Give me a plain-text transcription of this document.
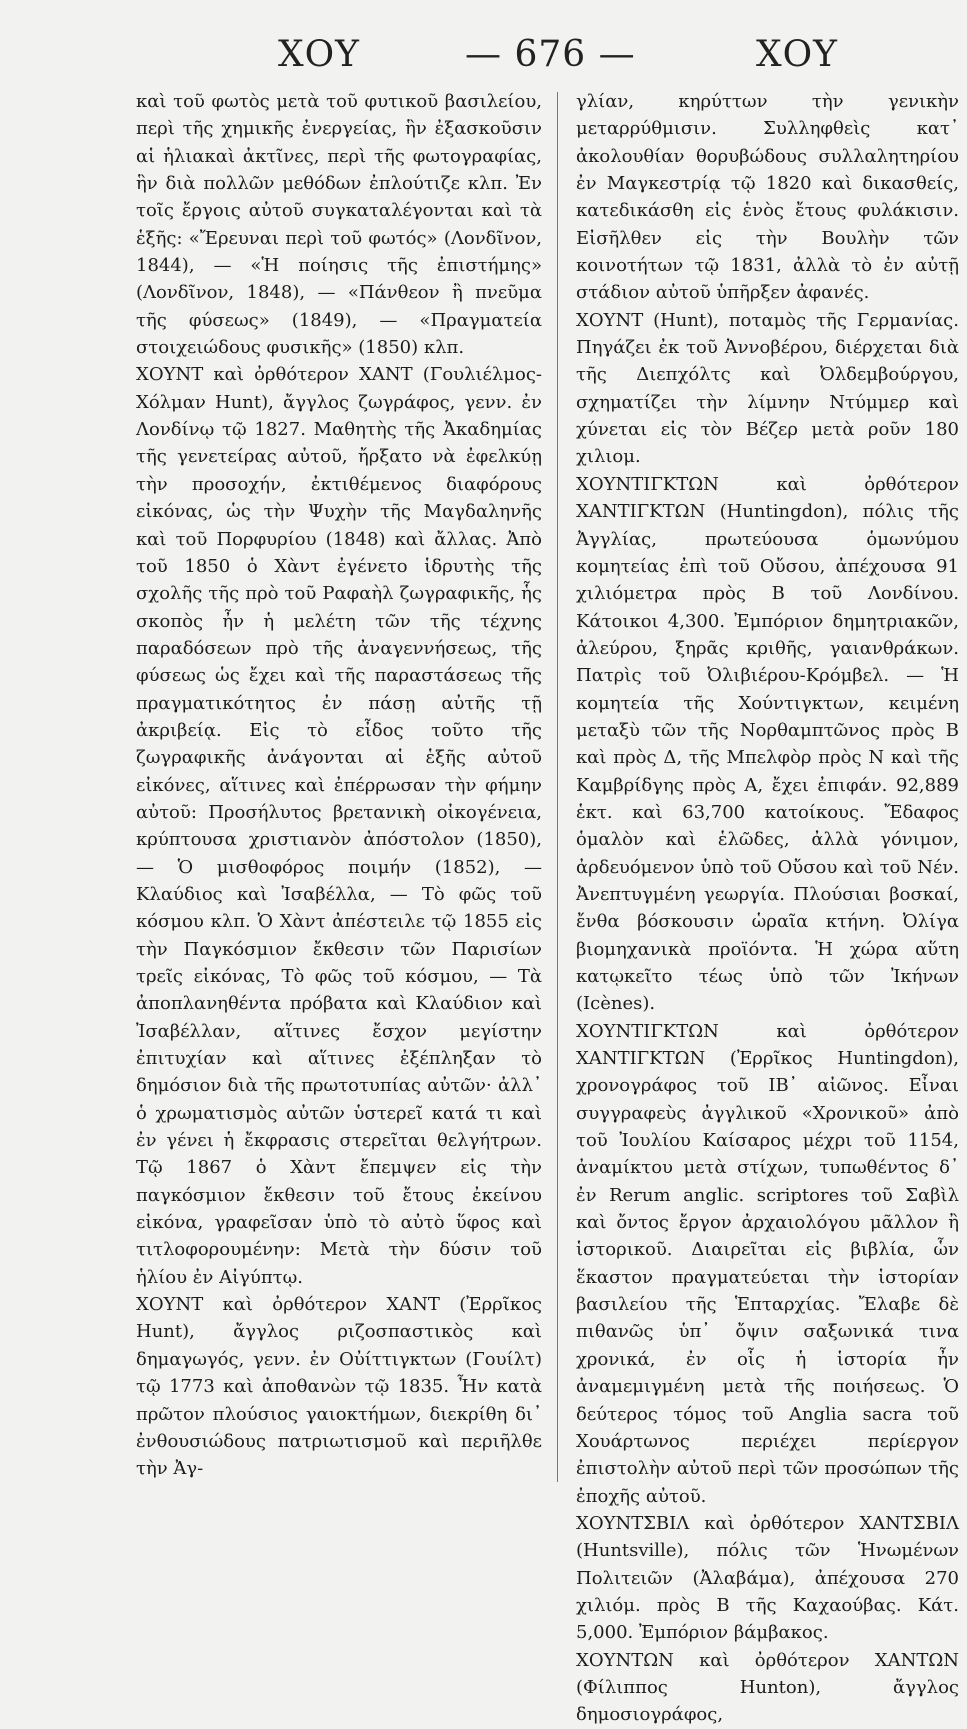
ΧΟΥ	— 676 —	ΧΟΥ

καὶ τοῦ φωτὸς μετὰ τοῦ φυτικοῦ βασιλείου, περὶ τῆς χημικῆς ἐνεργείας, ἣν ἐξασκοῦσιν αἱ ἡλιακαὶ ἀκτῖνες, περὶ τῆς φωτογραφίας, ἣν διὰ πολλῶν μεθόδων ἐπλούτιζε κλπ. Ἐν τοῖς ἔργοις αὐτοῦ συγκαταλέγονται καὶ τὰ ἑξῆς: «Ἔρευναι περὶ τοῦ φωτός» (Λονδῖνον, 1844), — «Ἡ ποίησις τῆς ἐπιστήμης» (Λονδῖνον, 1848), — «Πάνθεον ἢ πνεῦμα τῆς φύσεως» (1849), — «Πραγματεία στοιχειώδους φυσικῆς» (1850) κλπ.

ΧΟΥΝΤ καὶ ὀρθότερον ΧΑΝΤ (Γουλιέλμος-Χόλμαν Hunt), ἄγγλος ζωγράφος, γενν. ἐν Λονδίνῳ τῷ 1827. Μαθητὴς τῆς Ἀκαδημίας τῆς γενετείρας αὐτοῦ, ἤρξατο νὰ ἐφελκύῃ τὴν προσοχήν, ἐκτιθέμενος διαφόρους εἰκόνας, ὡς τὴν Ψυχὴν τῆς Μαγδαληνῆς καὶ τοῦ Πορφυρίου (1848) καὶ ἄλλας. Ἀπὸ τοῦ 1850 ὁ Χὰντ ἐγένετο ἱδρυτὴς τῆς σχολῆς τῆς πρὸ τοῦ Ραφαὴλ ζωγραφικῆς, ἧς σκοπὸς ἦν ἡ μελέτη τῶν τῆς τέχνης παραδόσεων πρὸ τῆς ἀναγεννήσεως, τῆς φύσεως ὡς ἔχει καὶ τῆς παραστάσεως τῆς πραγματικότητος ἐν πάσῃ αὐτῆς τῇ ἀκριβείᾳ. Εἰς τὸ εἶδος τοῦτο τῆς ζωγραφικῆς ἀνάγονται αἱ ἑξῆς αὐτοῦ εἰκόνες, αἵτινες καὶ ἐπέρρωσαν τὴν φήμην αὐτοῦ: Προσήλυτος βρετανικὴ οἰκογένεια, κρύπτουσα χριστιανὸν ἀπόστολον (1850), — Ὁ μισθοφόρος ποιμήν (1852), — Κλαύδιος καὶ Ἰσαβέλλα, — Τὸ φῶς τοῦ κόσμου κλπ. Ὁ Χὰντ ἀπέστειλε τῷ 1855 εἰς τὴν Παγκόσμιον ἔκθεσιν τῶν Παρισίων τρεῖς εἰκόνας, Τὸ φῶς τοῦ κόσμου, — Τὰ ἀποπλανηθέντα πρόβατα καὶ Κλαύδιον καὶ Ἰσαβέλλαν, αἵτινες ἔσχον μεγίστην ἐπιτυχίαν καὶ αἵτινες ἐξέπληξαν τὸ δημόσιον διὰ τῆς πρωτοτυπίας αὐτῶν· ἀλλ᾽ ὁ χρωματισμὸς αὐτῶν ὑστερεῖ κατά τι καὶ ἐν γένει ἡ ἔκφρασις στερεῖται θελγήτρων. Τῷ 1867 ὁ Χὰντ ἔπεμψεν εἰς τὴν παγκόσμιον ἔκθεσιν τοῦ ἔτους ἐκείνου εἰκόνα, γραφεῖσαν ὑπὸ τὸ αὐτὸ ὕφος καὶ τιτλοφορουμένην: Μετὰ τὴν δύσιν τοῦ ἡλίου ἐν Αἰγύπτῳ.

ΧΟΥΝΤ καὶ ὀρθότερον ΧΑΝΤ (Ἐρρῖκος Hunt), ἄγγλος ριζοσπαστικὸς καὶ δημαγωγός, γενν. ἐν Οὐίττιγκτων (Γουίλτ) τῷ 1773 καὶ ἀποθανὼν τῷ 1835. Ἦν κατὰ πρῶτον πλούσιος γαιοκτήμων, διεκρίθη δι᾽ ἐνθουσιώδους πατριωτισμοῦ καὶ περιῆλθε τὴν Ἀγ-

γλίαν, κηρύττων τὴν γενικὴν μεταρρύθμισιν. Συλληφθεὶς κατ᾽ ἀκολουθίαν θορυβώδους συλλαλητηρίου ἐν Μαγκεστρίᾳ τῷ 1820 καὶ δικασθείς, κατεδικάσθη εἰς ἑνὸς ἔτους φυλάκισιν. Εἰσῆλθεν εἰς τὴν Βουλὴν τῶν κοινοτήτων τῷ 1831, ἀλλὰ τὸ ἐν αὐτῇ στάδιον αὐτοῦ ὑπῆρξεν ἀφανές.

ΧΟΥΝΤ (Hunt), ποταμὸς τῆς Γερμανίας. Πηγάζει ἐκ τοῦ Ἀννοβέρου, διέρχεται διὰ τῆς Διεπχόλτς καὶ Ὀλδεμβούργου, σχηματίζει τὴν λίμνην Ντύμμερ καὶ χύνεται εἰς τὸν Βέζερ μετὰ ροῦν 180 χιλιομ.

ΧΟΥΝΤΙΓΚΤΩΝ καὶ ὀρθότερον ΧΑΝΤΙΓΚΤΩΝ (Huntingdon), πόλις τῆς Ἀγγλίας, πρωτεύουσα ὁμωνύμου κομητείας ἐπὶ τοῦ Οὔσου, ἀπέχουσα 91 χιλιόμετρα πρὸς Β τοῦ Λονδίνου. Κάτοικοι 4,300. Ἐμπόριον δημητριακῶν, ἀλεύρου, ξηρᾶς κριθῆς, γαιανθράκων. Πατρὶς τοῦ Ὀλιβιέρου-Κρόμβελ. — Ἡ κομητεία τῆς Χούντιγκτων, κειμένη μεταξὺ τῶν τῆς Νορθαμπτῶνος πρὸς Β καὶ πρὸς Δ, τῆς Μπελφὸρ πρὸς Ν καὶ τῆς Καμβρίδγης πρὸς Α, ἔχει ἐπιφάν. 92,889 ἑκτ. καὶ 63,700 κατοίκους. Ἔδαφος ὁμαλὸν καὶ ἑλῶδες, ἀλλὰ γόνιμον, ἀρδευόμενον ὑπὸ τοῦ Οὔσου καὶ τοῦ Νέν. Ἀνεπτυγμένη γεωργία. Πλούσιαι βοσκαί, ἔνθα βόσκουσιν ὡραῖα κτήνη. Ὀλίγα βιομηχανικὰ προϊόντα. Ἡ χώρα αὕτη κατῳκεῖτο τέως ὑπὸ τῶν Ἰκήνων (Icènes).

ΧΟΥΝΤΙΓΚΤΩΝ καὶ ὀρθότερον ΧΑΝΤΙΓΚΤΩΝ (Ἐρρῖκος Huntingdon), χρονογράφος τοῦ ΙΒ᾽ αἰῶνος. Εἶναι συγγραφεὺς ἀγγλικοῦ «Χρονικοῦ» ἀπὸ τοῦ Ἰουλίου Καίσαρος μέχρι τοῦ 1154, ἀναμίκτου μετὰ στίχων, τυπωθέντος δ᾽ ἐν Rerum anglic. scriptores τοῦ Σαβὶλ καὶ ὄντος ἔργον ἀρχαιολόγου μᾶλλον ἢ ἱστορικοῦ. Διαιρεῖται εἰς βιβλία, ὧν ἕκαστον πραγματεύεται τὴν ἱστορίαν βασιλείου τῆς Ἑπταρχίας. Ἔλαβε δὲ πιθανῶς ὑπ᾽ ὄψιν σαξωνικά τινα χρονικά, ἐν οἷς ἡ ἱστορία ἦν ἀναμεμιγμένη μετὰ τῆς ποιήσεως. Ὁ δεύτερος τόμος τοῦ Anglia sacra τοῦ Χουάρτωνος περιέχει περίεργον ἐπιστολὴν αὐτοῦ περὶ τῶν προσώπων τῆς ἐποχῆς αὐτοῦ.

ΧΟΥΝΤΣΒΙΛ καὶ ὀρθότερον ΧΑΝΤΣΒΙΛ (Huntsville), πόλις τῶν Ἡνωμένων Πολιτειῶν (Ἀλαβάμα), ἀπέχουσα 270 χιλιόμ. πρὸς Β τῆς Καχαούβας. Κάτ. 5,000. Ἐμπόριον βάμβακος.

ΧΟΥΝΤΩΝ καὶ ὀρθότερον ΧΑΝΤΩΝ (Φίλιππος Hunton), ἄγγλος δημοσιογράφος,
